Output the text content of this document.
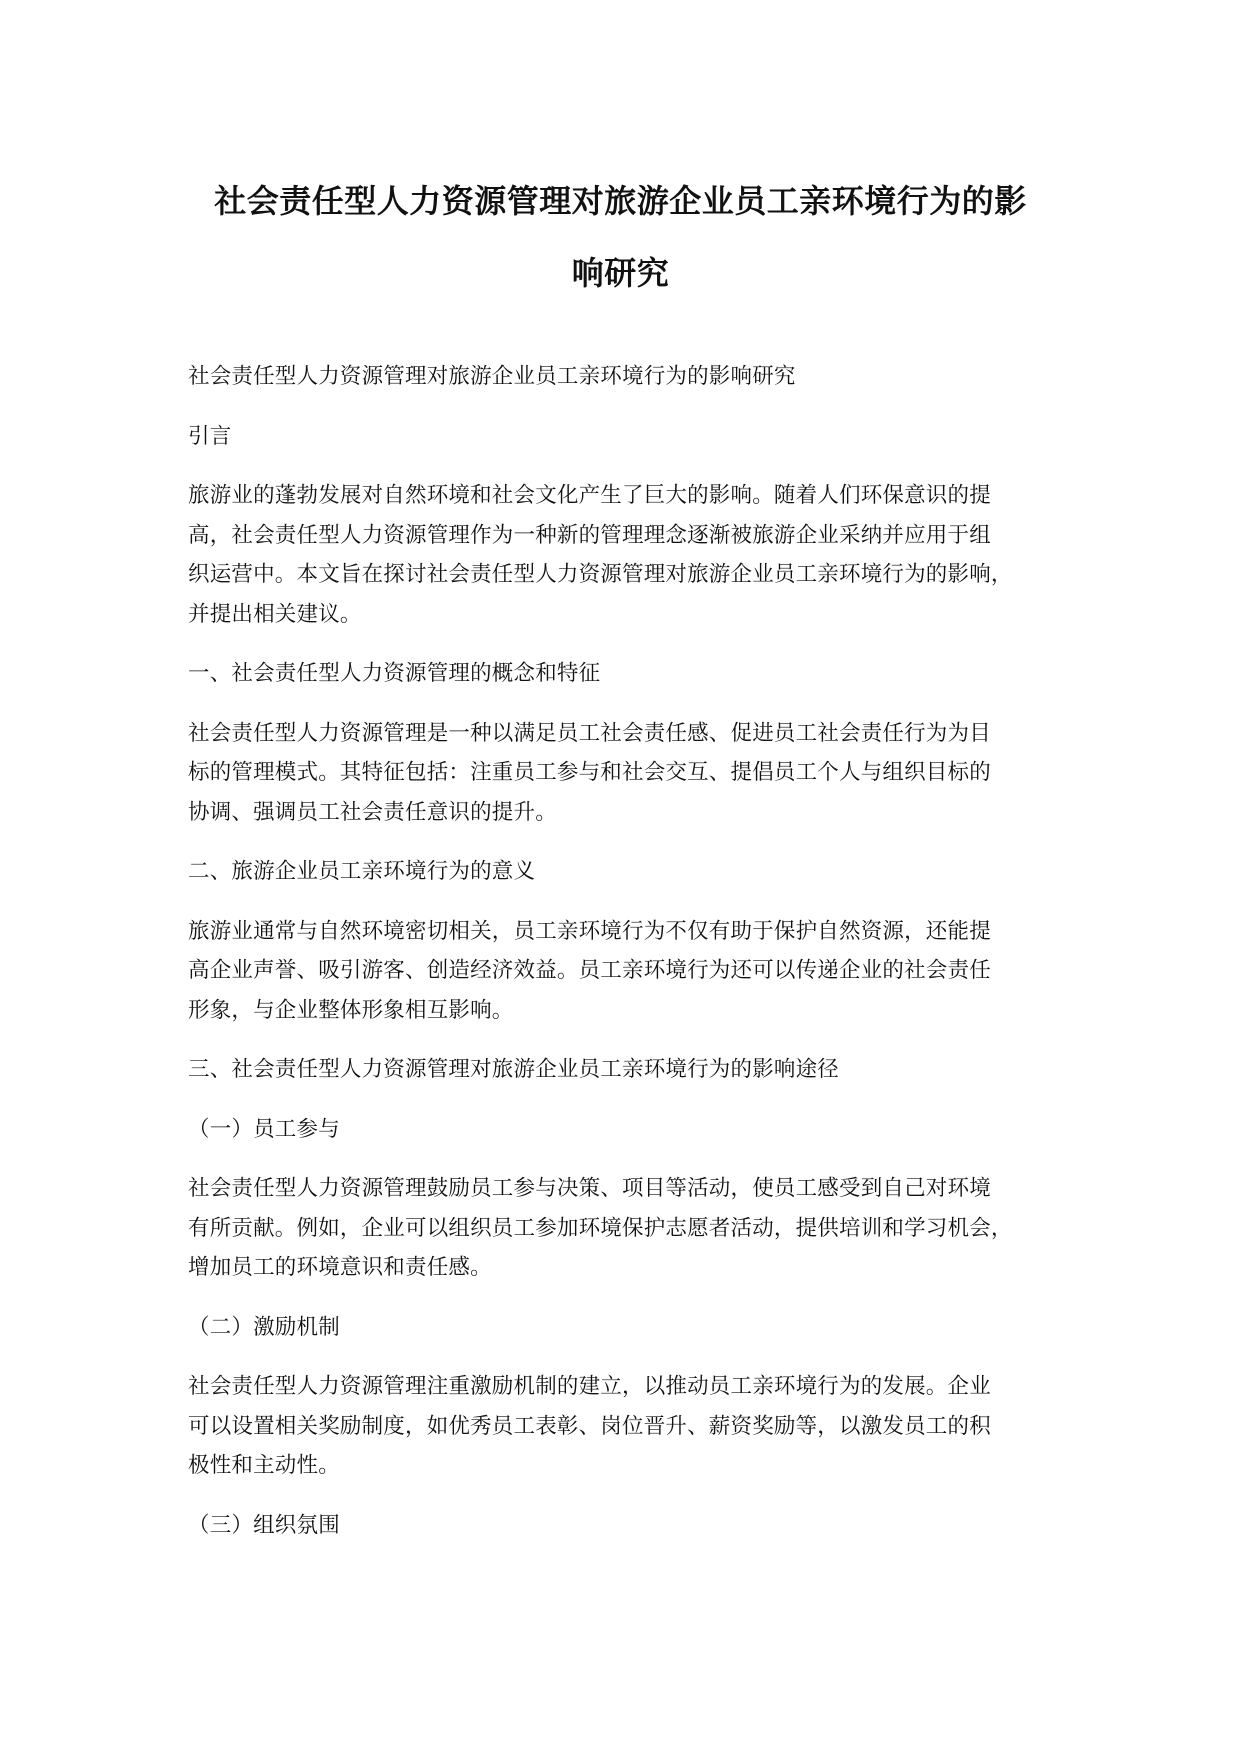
社会责任型人力资源管理对旅游企业员工亲环境行为的影
响研究

社会责任型人力资源管理对旅游企业员工亲环境行为的影响研究

引言

旅游业的蓬勃发展对自然环境和社会文化产生了巨大的影响。随着人们环保意识的提
高，社会责任型人力资源管理作为一种新的管理理念逐渐被旅游企业采纳并应用于组
织运营中。本文旨在探讨社会责任型人力资源管理对旅游企业员工亲环境行为的影响，
并提出相关建议。

一、社会责任型人力资源管理的概念和特征

社会责任型人力资源管理是一种以满足员工社会责任感、促进员工社会责任行为为目
标的管理模式。其特征包括：注重员工参与和社会交互、提倡员工个人与组织目标的
协调、强调员工社会责任意识的提升。

二、旅游企业员工亲环境行为的意义

旅游业通常与自然环境密切相关，员工亲环境行为不仅有助于保护自然资源，还能提
高企业声誉、吸引游客、创造经济效益。员工亲环境行为还可以传递企业的社会责任
形象，与企业整体形象相互影响。

三、社会责任型人力资源管理对旅游企业员工亲环境行为的影响途径

（一）员工参与

社会责任型人力资源管理鼓励员工参与决策、项目等活动，使员工感受到自己对环境
有所贡献。例如，企业可以组织员工参加环境保护志愿者活动，提供培训和学习机会，
增加员工的环境意识和责任感。

（二）激励机制

社会责任型人力资源管理注重激励机制的建立，以推动员工亲环境行为的发展。企业
可以设置相关奖励制度，如优秀员工表彰、岗位晋升、薪资奖励等，以激发员工的积
极性和主动性。

（三）组织氛围
